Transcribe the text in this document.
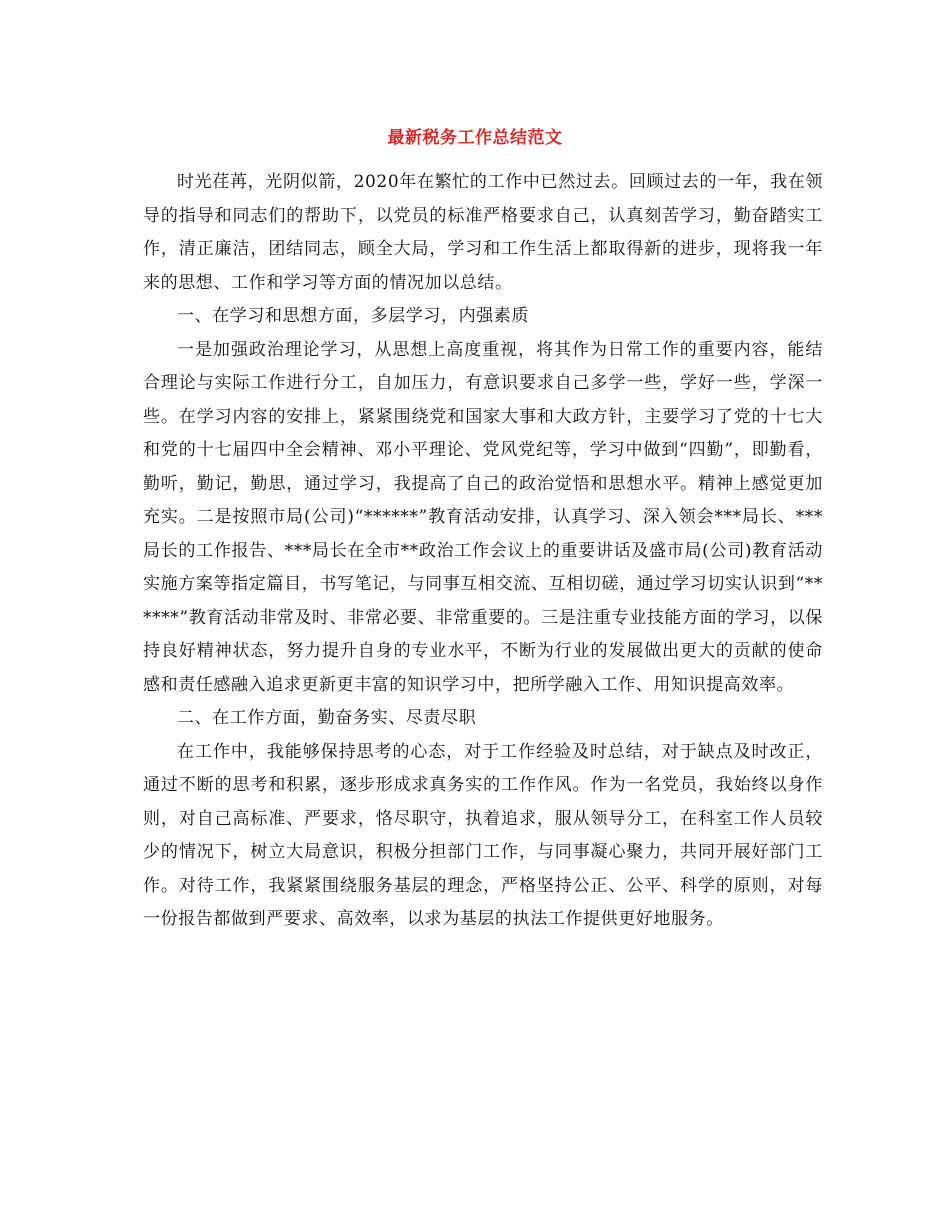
最新税务工作总结范文

时光荏苒，光阴似箭，2020年在繁忙的工作中已然过去。回顾过去的一年，我在领导的指导和同志们的帮助下，以党员的标准严格要求自己，认真刻苦学习，勤奋踏实工作，清正廉洁，团结同志，顾全大局，学习和工作生活上都取得新的进步，现将我一年来的思想、工作和学习等方面的情况加以总结。

一、在学习和思想方面，多层学习，内强素质

一是加强政治理论学习，从思想上高度重视，将其作为日常工作的重要内容，能结合理论与实际工作进行分工，自加压力，有意识要求自己多学一些，学好一些，学深一些。在学习内容的安排上，紧紧围绕党和国家大事和大政方针，主要学习了党的十七大和党的十七届四中全会精神、邓小平理论、党风党纪等，学习中做到“四勤”，即勤看，勤听，勤记，勤思，通过学习，我提高了自己的政治觉悟和思想水平。精神上感觉更加充实。二是按照市局(公司)“******”教育活动安排，认真学习、深入领会***局长、***局长的工作报告、***局长在全市**政治工作会议上的重要讲话及盛市局(公司)教育活动实施方案等指定篇目，书写笔记，与同事互相交流、互相切磋，通过学习切实认识到“******”教育活动非常及时、非常必要、非常重要的。三是注重专业技能方面的学习，以保持良好精神状态，努力提升自身的专业水平，不断为行业的发展做出更大的贡献的使命感和责任感融入追求更新更丰富的知识学习中，把所学融入工作、用知识提高效率。

二、在工作方面，勤奋务实、尽责尽职

在工作中，我能够保持思考的心态，对于工作经验及时总结，对于缺点及时改正，通过不断的思考和积累，逐步形成求真务实的工作作风。作为一名党员，我始终以身作则，对自己高标准、严要求，恪尽职守，执着追求，服从领导分工，在科室工作人员较少的情况下，树立大局意识，积极分担部门工作，与同事凝心聚力，共同开展好部门工作。对待工作，我紧紧围绕服务基层的理念，严格坚持公正、公平、科学的原则，对每一份报告都做到严要求、高效率，以求为基层的执法工作提供更好地服务。
